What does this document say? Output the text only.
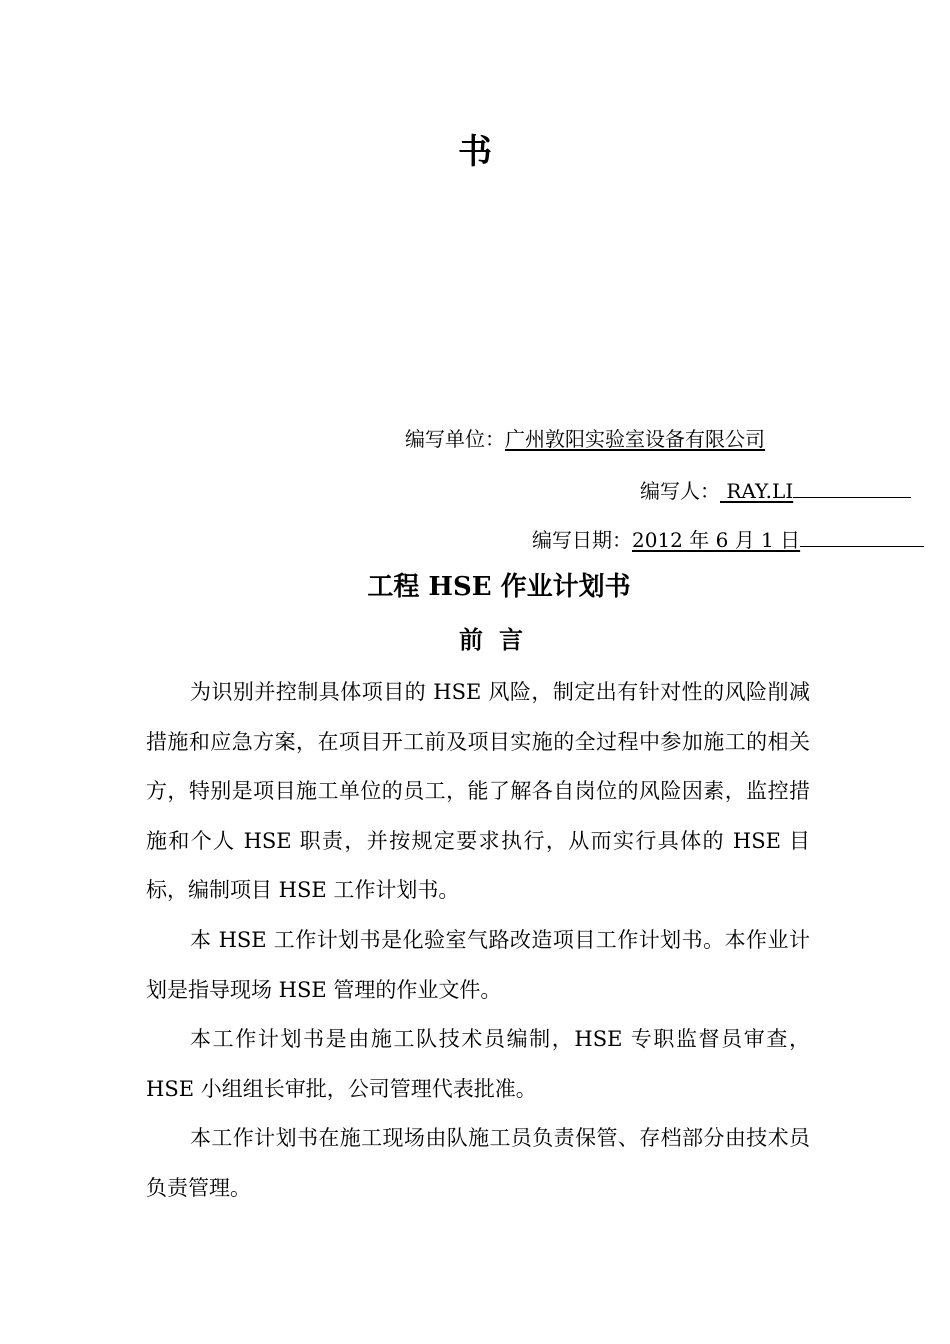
书
编写单位：广州敦阳实验室设备有限公司
编写人： RAY.LI
编写日期：2012 年 6 月 1 日
工程 HSE 作业计划书
前言

为识别并控制具体项目的 HSE 风险，制定出有针对性的风险削减措施和应急方案，在项目开工前及项目实施的全过程中参加施工的相关方，特别是项目施工单位的员工，能了解各自岗位的风险因素，监控措施和个人 HSE 职责，并按规定要求执行，从而实行具体的 HSE 目标，编制项目 HSE 工作计划书。

本 HSE 工作计划书是化验室气路改造项目工作计划书。本作业计划是指导现场 HSE 管理的作业文件。

本工作计划书是由施工队技术员编制，HSE 专职监督员审查，HSE 小组组长审批，公司管理代表批准。

本工作计划书在施工现场由队施工员负责保管、存档部分由技术员负责管理。
